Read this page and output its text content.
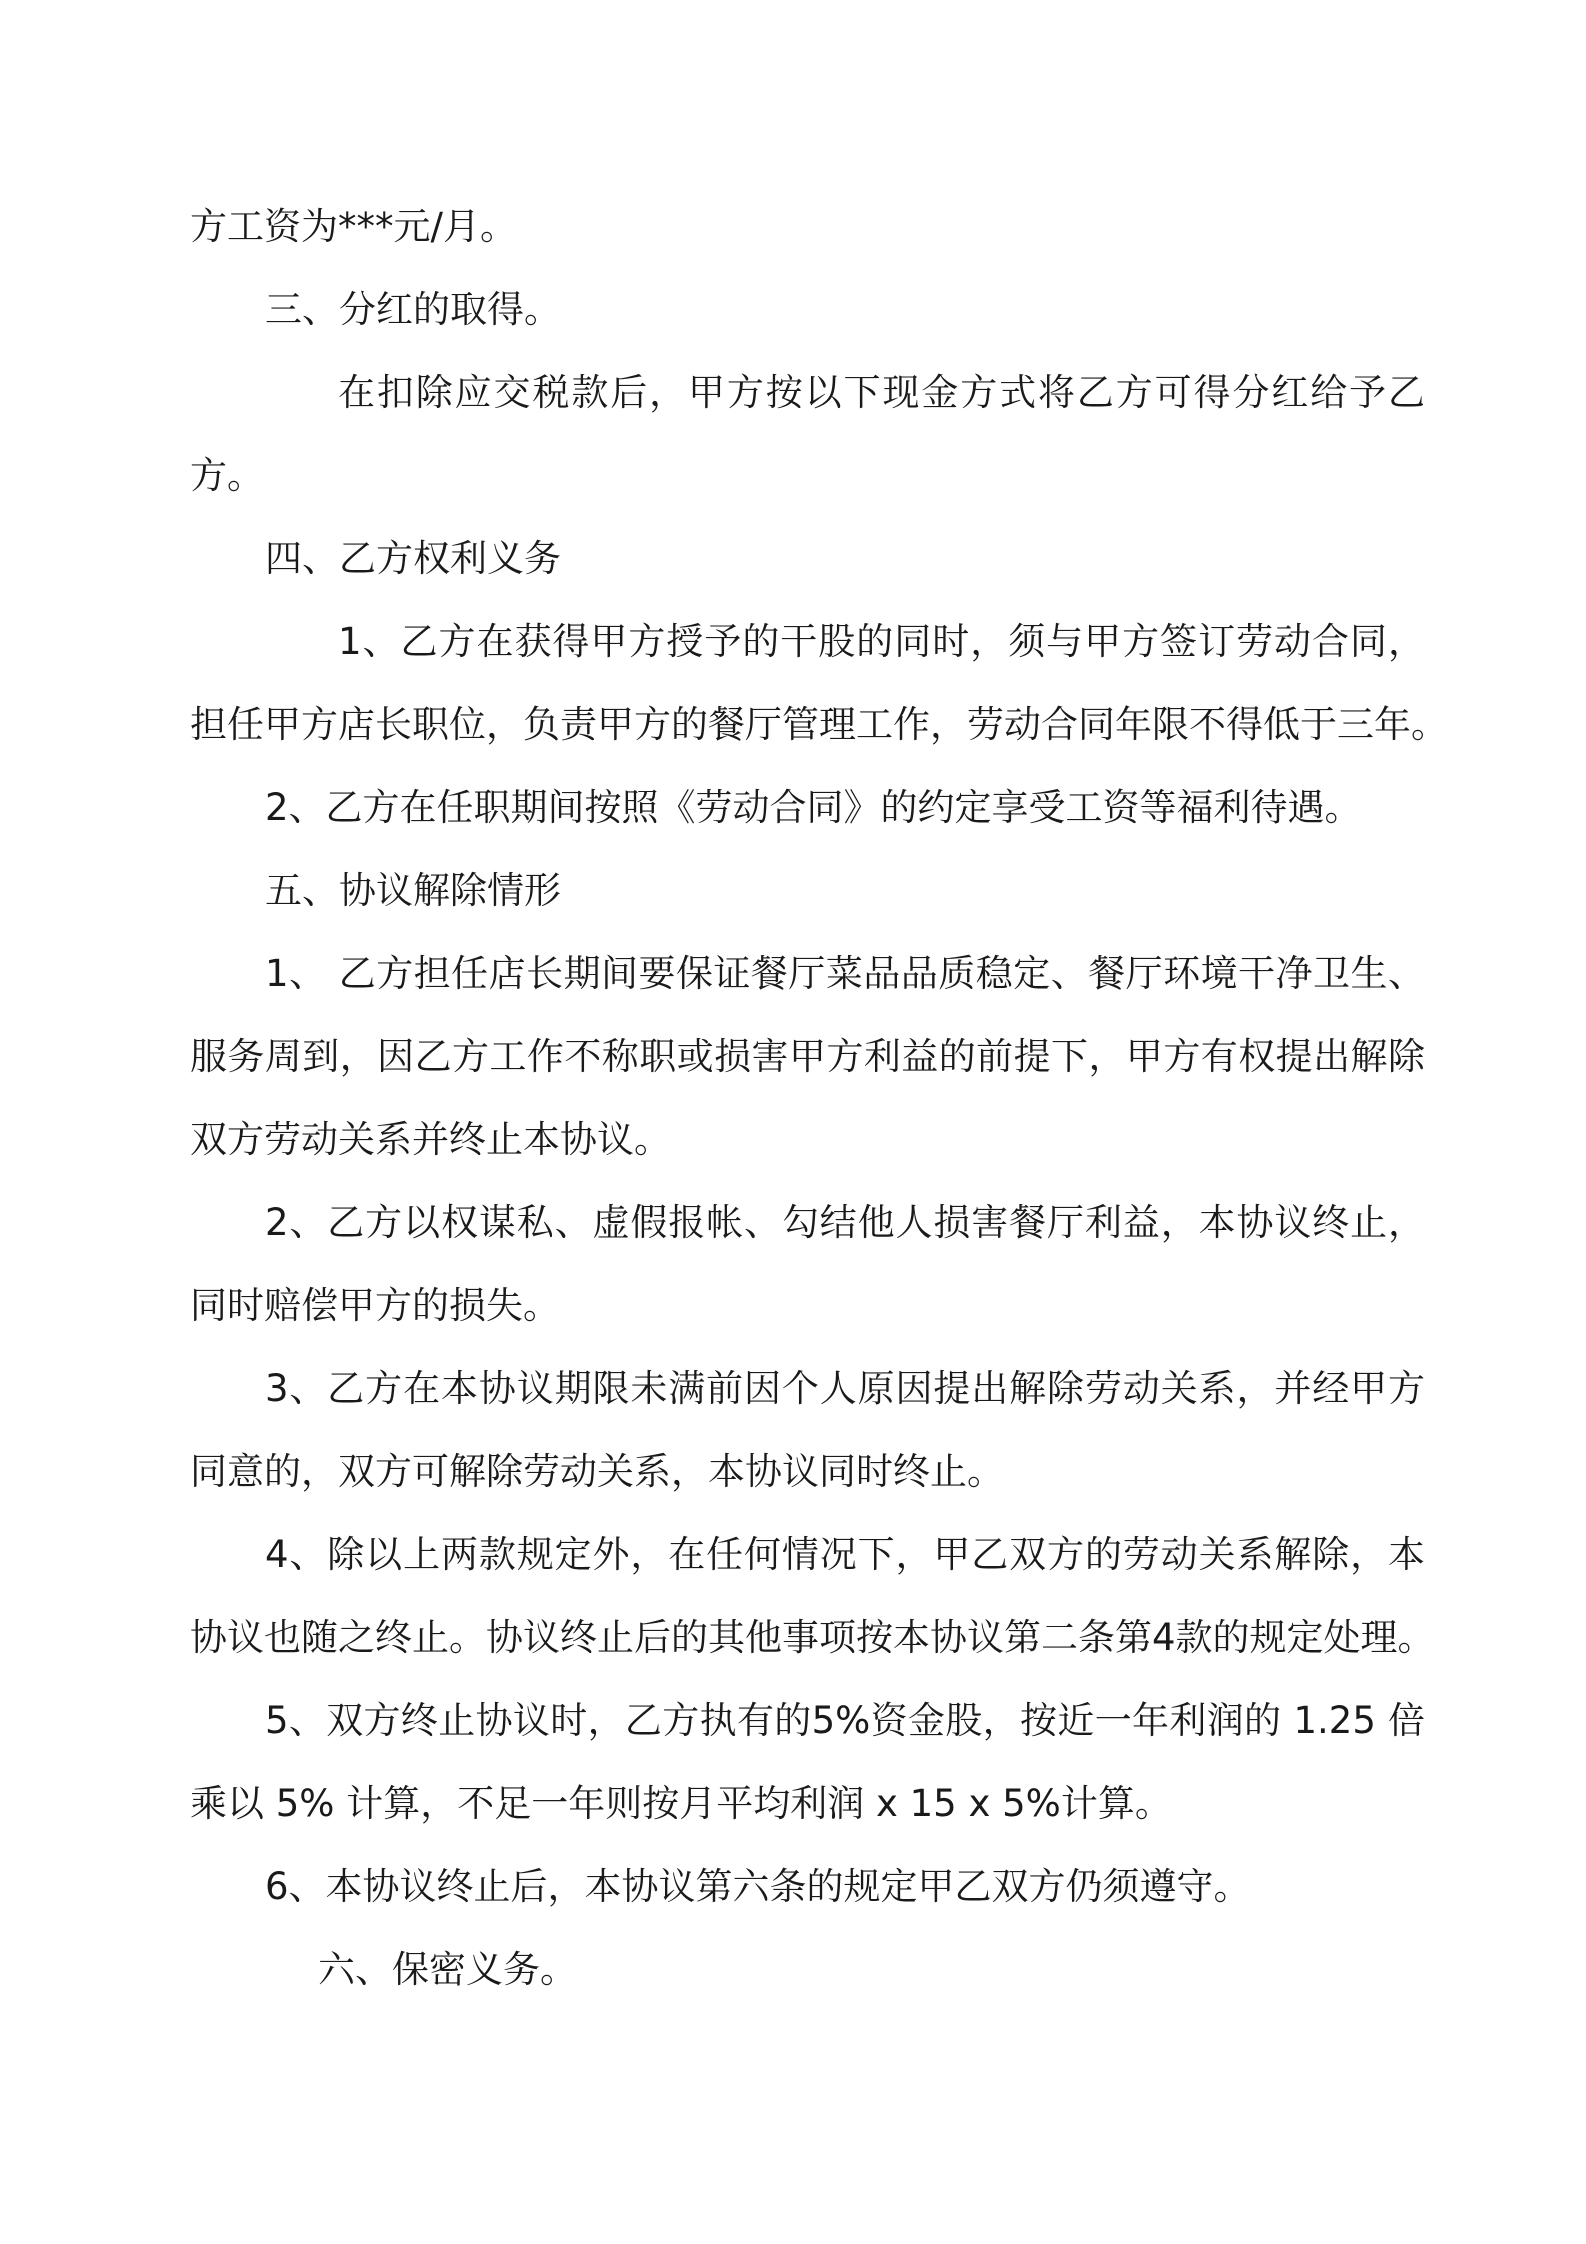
方工资为***元/月。

三、分红的取得。

在扣除应交税款后，甲方按以下现金方式将乙方可得分红给予乙

方。

四、乙方权利义务

1、乙方在获得甲方授予的干股的同时，须与甲方签订劳动合同，

担任甲方店长职位，负责甲方的餐厅管理工作，劳动合同年限不得低于三年。

2、乙方在任职期间按照《劳动合同》的约定享受工资等福利待遇。

五、协议解除情形

1、 乙方担任店长期间要保证餐厅菜品品质稳定、餐厅环境干净卫生、

服务周到，因乙方工作不称职或损害甲方利益的前提下，甲方有权提出解除

双方劳动关系并终止本协议。

2、乙方以权谋私、虚假报帐、勾结他人损害餐厅利益，本协议终止，

同时赔偿甲方的损失。

3、乙方在本协议期限未满前因个人原因提出解除劳动关系，并经甲方

同意的，双方可解除劳动关系，本协议同时终止。

4、除以上两款规定外，在任何情况下，甲乙双方的劳动关系解除，本

协议也随之终止。协议终止后的其他事项按本协议第二条第4款的规定处理。

5、双方终止协议时，乙方执有的5%资金股，按近一年利润的 1.25 倍

乘以 5% 计算，不足一年则按月平均利润 x 15 x 5%计算。

6、本协议终止后，本协议第六条的规定甲乙双方仍须遵守。

六、保密义务。
